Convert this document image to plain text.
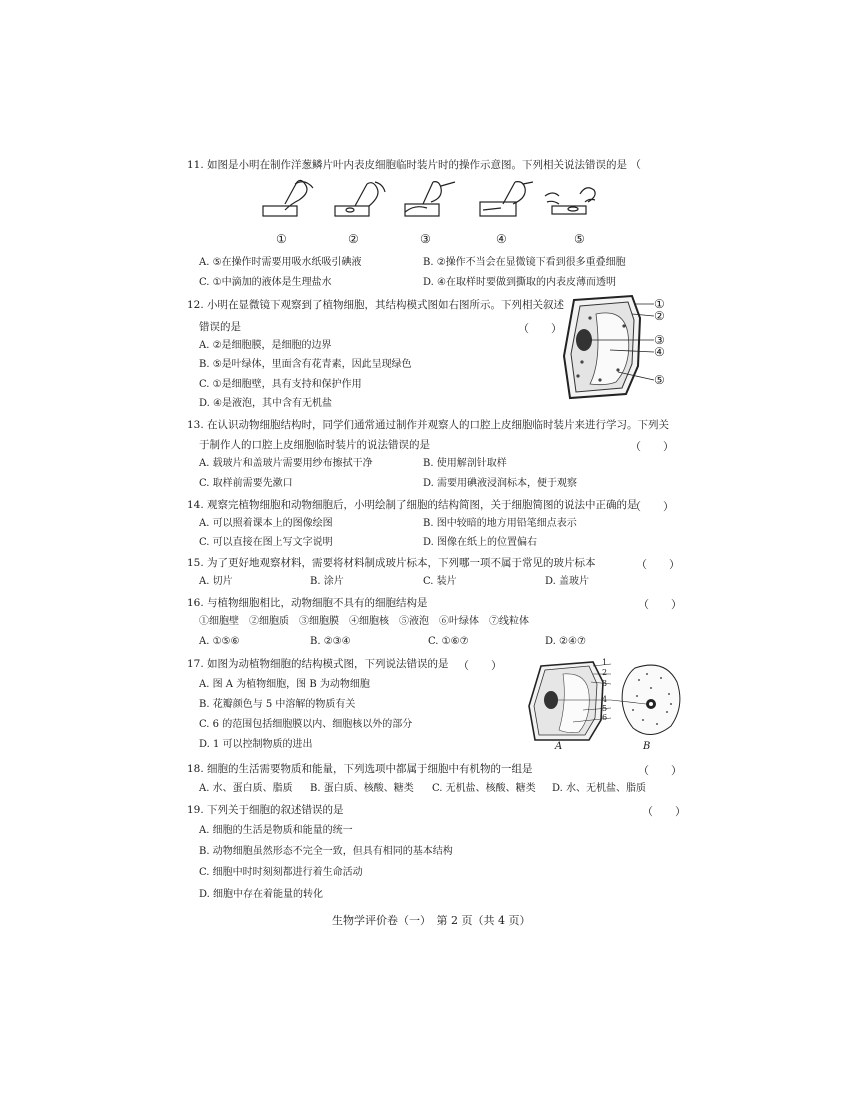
11. 如图是小明在制作洋葱鳞片叶内表皮细胞临时装片时的操作示意图。下列相关说法错误的是 （
①	②	③	④	⑤
A. ⑤在操作时需要用吸水纸吸引碘液	B. ②操作不当会在显微镜下看到很多重叠细胞
C. ①中滴加的液体是生理盐水	D. ④在取样时要做到撕取的内表皮薄而透明
12. 小明在显微镜下观察到了植物细胞，其结构模式图如右图所示。下列相关叙述
错误的是	（　　）
A. ②是细胞膜，是细胞的边界
B. ⑤是叶绿体，里面含有花青素，因此呈现绿色
C. ①是细胞壁，具有支持和保护作用
D. ④是液泡，其中含有无机盐
①
②
③
④
⑤
13. 在认识动物细胞结构时，同学们通常通过制作并观察人的口腔上皮细胞临时装片来进行学习。下列关
于制作人的口腔上皮细胞临时装片的说法错误的是	（　　）
A. 载玻片和盖玻片需要用纱布擦拭干净	B. 使用解剖针取样
C. 取样前需要先漱口	D. 需要用碘液浸润标本，便于观察
14. 观察完植物细胞和动物细胞后，小明绘制了细胞的结构简图，关于细胞简图的说法中正确的是
（　　）
A. 可以照着课本上的图像绘图	B. 图中较暗的地方用铅笔细点表示
C. 可以直接在图上写文字说明	D. 图像在纸上的位置偏右
15. 为了更好地观察材料，需要将材料制成玻片标本，下列哪一项不属于常见的玻片标本	（　　）
A. 切片	B. 涂片	C. 装片	D. 盖玻片
16. 与植物细胞相比，动物细胞不具有的细胞结构是	（　　）
①细胞壁　②细胞质　③细胞膜　④细胞核　⑤液泡　⑥叶绿体　⑦线粒体
A. ①⑤⑥	B. ②③④	C. ①⑥⑦	D. ②④⑦
17. 如图为动植物细胞的结构模式图，下列说法错误的是 （　　）
A. 图 A 为植物细胞，图 B 为动物细胞
B. 花瓣颜色与 5 中溶解的物质有关
C. 6 的范围包括细胞膜以内、细胞核以外的部分
D. 1 可以控制物质的进出
1
2
3
4
5
6
A	B
18. 细胞的生活需要物质和能量，下列选项中都属于细胞中有机物的一组是	（　　）
A. 水、蛋白质、脂质 B. 蛋白质、核酸、糖类 C. 无机盐、核酸、糖类 D. 水、无机盐、脂质
19. 下列关于细胞的叙述错误的是	（　　）
A. 细胞的生活是物质和能量的统一
B. 动物细胞虽然形态不完全一致，但具有相同的基本结构
C. 细胞中时时刻刻都进行着生命活动
D. 细胞中存在着能量的转化
生物学评价卷（一）　第 2 页（共 4 页）
